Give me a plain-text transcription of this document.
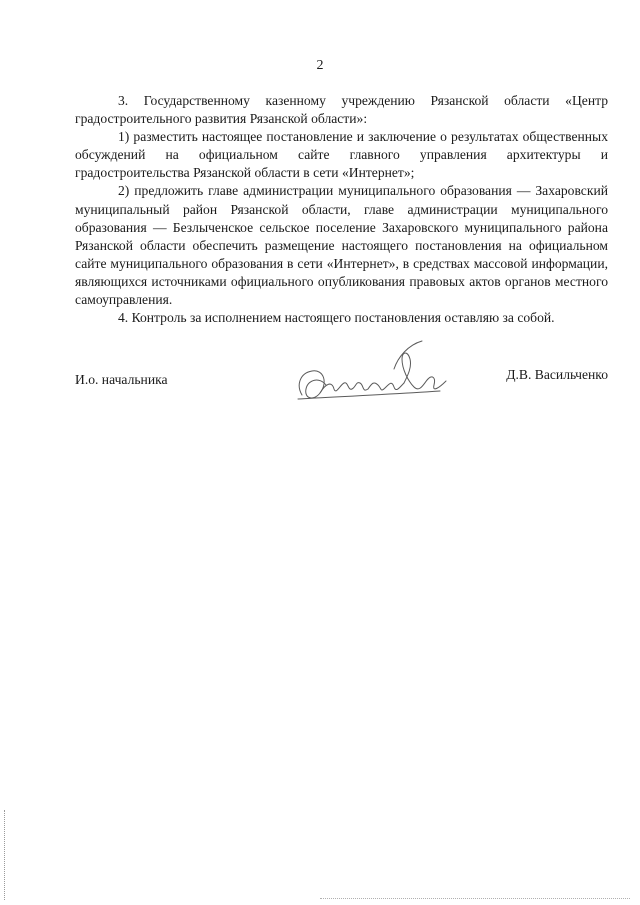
2

3. Государственному казенному учреждению Рязанской области «Центр градостроительного развития Рязанской области»:

1) разместить настоящее постановление и заключение о результатах общественных обсуждений на официальном сайте главного управления архитектуры и градостроительства Рязанской области в сети «Интернет»;

2) предложить главе администрации муниципального образования — Захаровский муниципальный район Рязанской области, главе администрации муниципального образования — Безлыченское сельское поселение Захаровского муниципального района Рязанской области обеспечить размещение настоящего постановления на официальном сайте муниципального образования в сети «Интернет», в средствах массовой информации, являющихся источниками официального опубликования правовых актов органов местного самоуправления.

4. Контроль за исполнением настоящего постановления оставляю за собой.

И.о. начальника	Д.В. Васильченко
